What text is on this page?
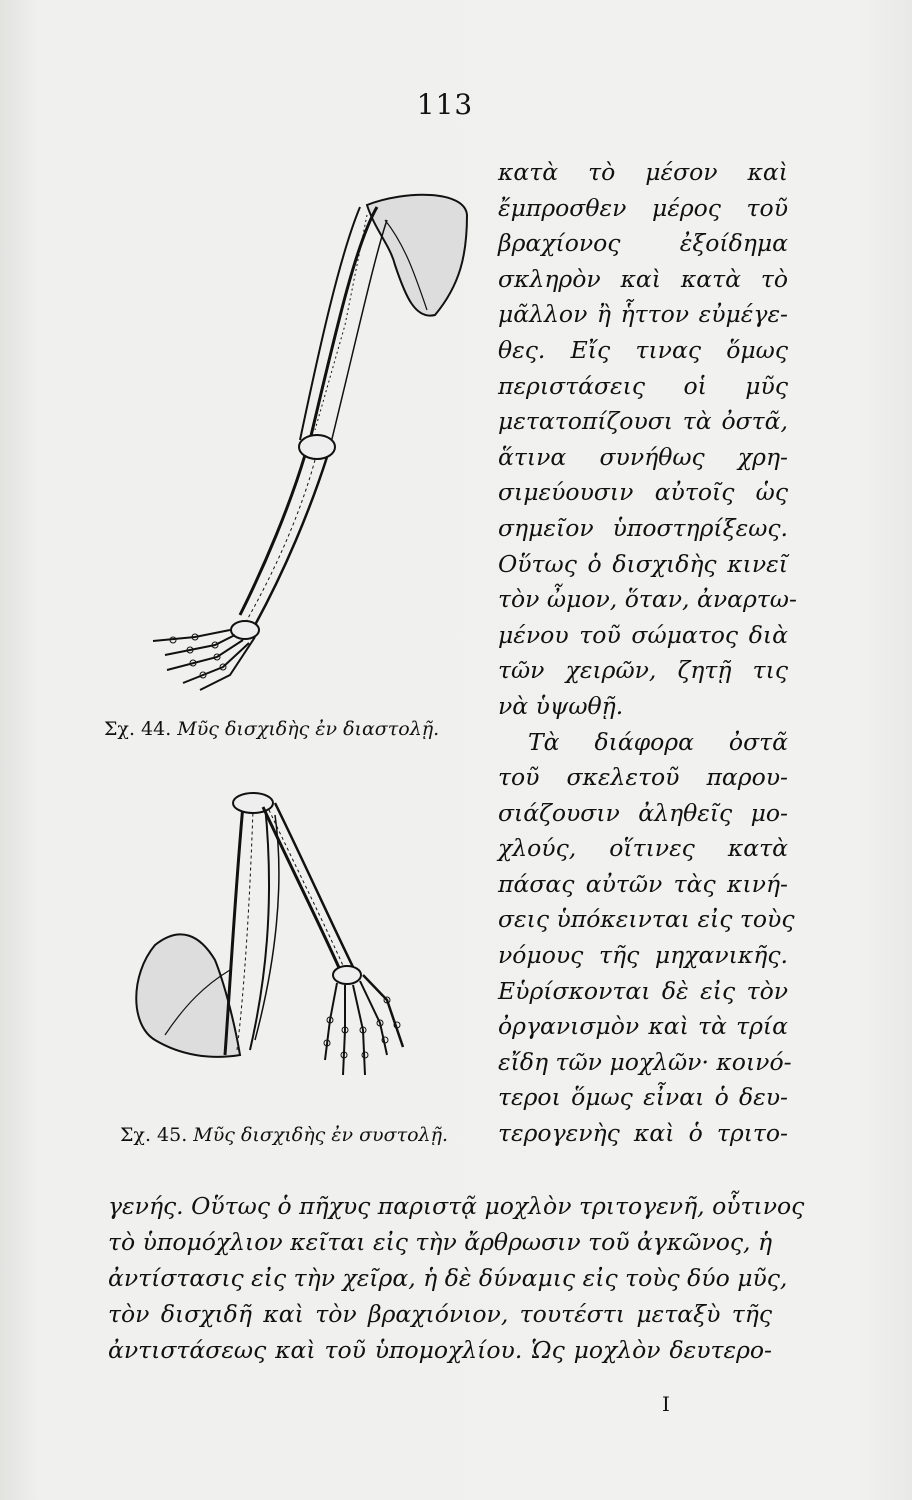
113
Σχ. 44. Μῦς δισχιδὴς ἐν διαστολῇ.
Σχ. 45. Μῦς δισχιδὴς ἐν συστολῇ.
κατὰ τὸ μέσον καὶ
ἔμπροσθεν μέρος τοῦ
βραχίονος ἐξοίδημα
σκληρὸν καὶ κατὰ τὸ
μᾶλλον ἢ ἧττον εὐμέγε-
θες. Εἴς τινας ὅμως
περιστάσεις οἱ μῦς
μετατοπίζουσι τὰ ὀστᾶ,
ἅτινα συνήθως χρη-
σιμεύουσιν αὐτοῖς ὡς
σημεῖον ὑποστηρίξεως.
Οὕτως ὁ δισχιδὴς κινεῖ
τὸν ὦμον, ὅταν, ἀναρτω-
μένου τοῦ σώματος διὰ
τῶν χειρῶν, ζητῇ τις
νὰ ὑψωθῇ.
Τὰ διάφορα ὀστᾶ
τοῦ σκελετοῦ παρου-
σιάζουσιν ἀληθεῖς μο-
χλούς, οἵτινες κατὰ
πάσας αὐτῶν τὰς κινή-
σεις ὑπόκεινται εἰς τοὺς
νόμους τῆς μηχανικῆς.
Εὑρίσκονται δὲ εἰς τὸν
ὀργανισμὸν καὶ τὰ τρία
εἴδη τῶν μοχλῶν· κοινό-
τεροι ὅμως εἶναι ὁ δευ-
τερογενὴς καὶ ὁ τριτο-
γενής. Οὕτως ὁ πῆχυς παριστᾷ μοχλὸν τριτογενῆ, οὗτινος
τὸ ὑπομόχλιον κεῖται εἰς τὴν ἄρθρωσιν τοῦ ἀγκῶνος, ἡ
ἀντίστασις εἰς τὴν χεῖρα, ἡ δὲ δύναμις εἰς τοὺς δύο μῦς,
τὸν δισχιδῆ καὶ τὸν βραχιόνιον, τουτέστι μεταξὺ τῆς
ἀντιστάσεως καὶ τοῦ ὑπομοχλίου. Ὡς μοχλὸν δευτερο-
I
